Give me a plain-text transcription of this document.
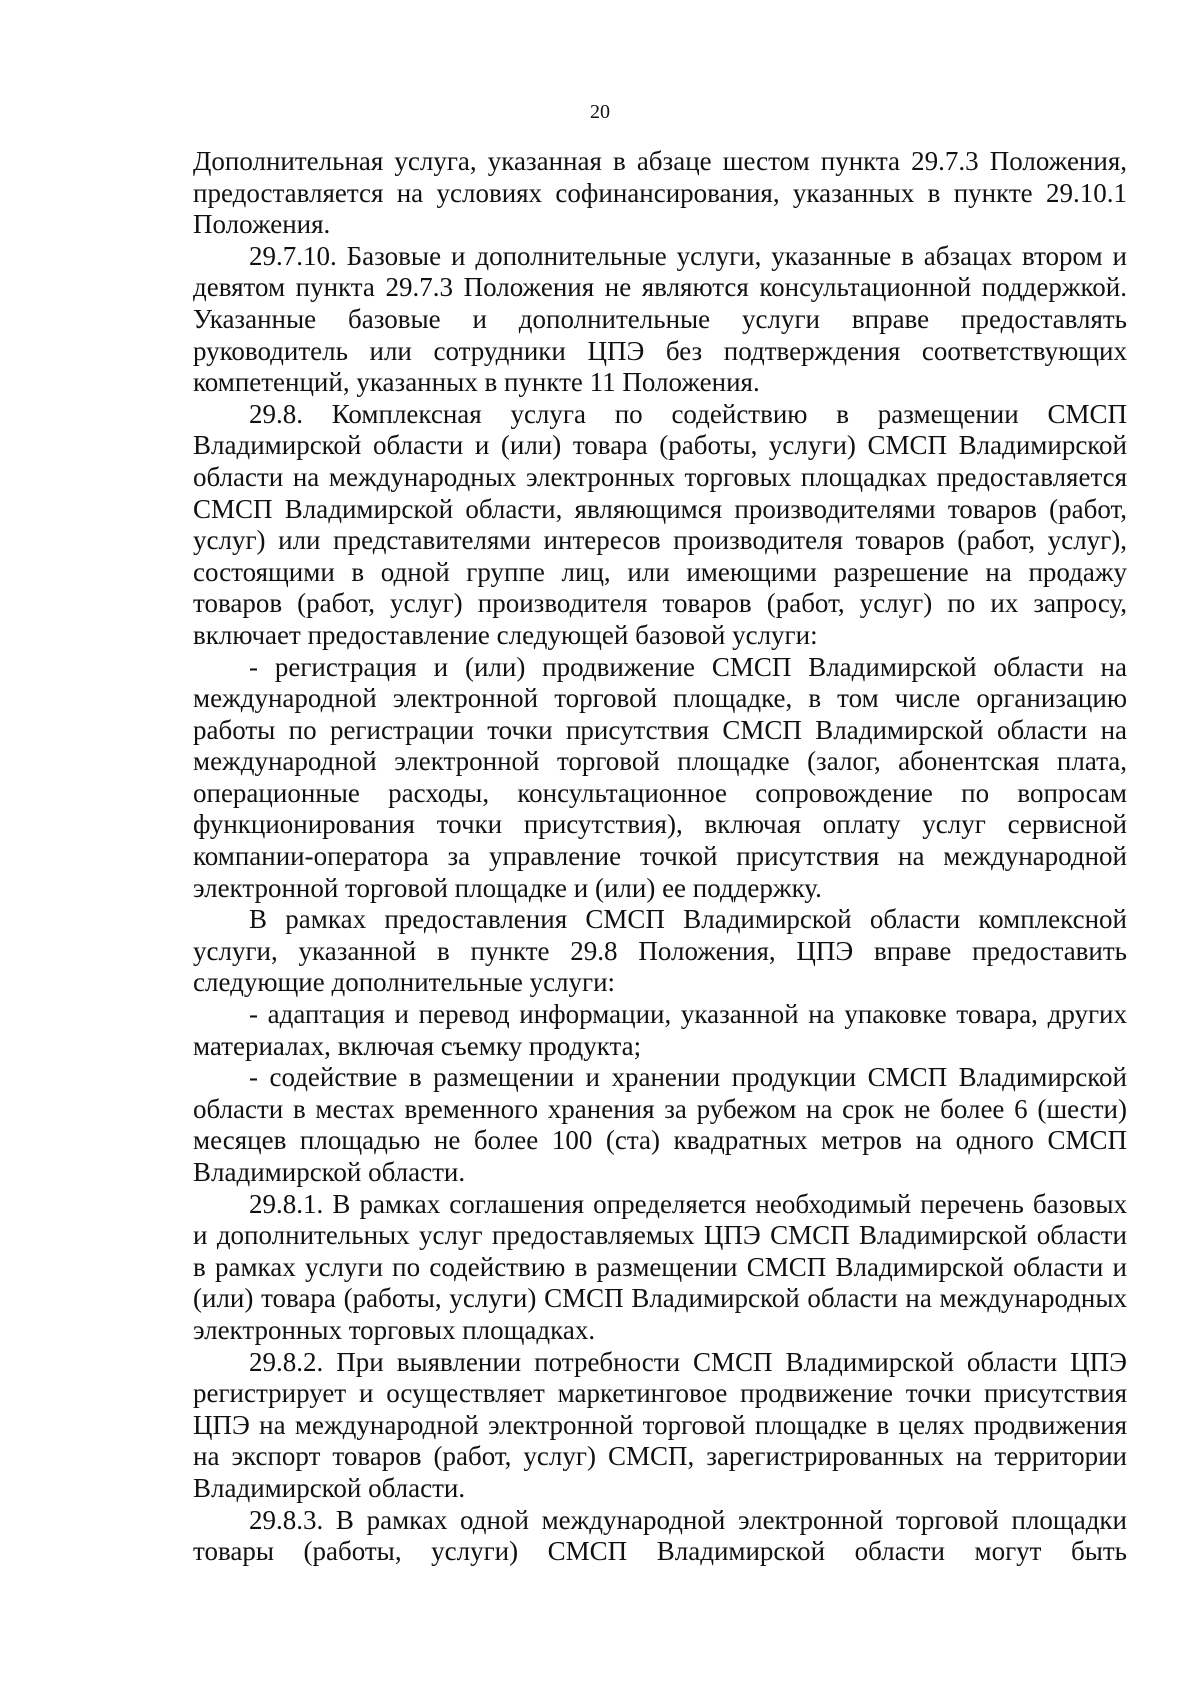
20

Дополнительная услуга, указанная в абзаце шестом пункта 29.7.3 Положения, предоставляется на условиях софинансирования, указанных в пункте 29.10.1 Положения.

29.7.10. Базовые и дополнительные услуги, указанные в абзацах втором и девятом пункта 29.7.3 Положения не являются консультационной поддержкой. Указанные базовые и дополнительные услуги вправе предоставлять руководитель или сотрудники ЦПЭ без подтверждения соответствующих компетенций, указанных в пункте 11 Положения.

29.8. Комплексная услуга по содействию в размещении СМСП Владимирской области и (или) товара (работы, услуги) СМСП Владимирской области на международных электронных торговых площадках предоставляется СМСП Владимирской области, являющимся производителями товаров (работ, услуг) или представителями интересов производителя товаров (работ, услуг), состоящими в одной группе лиц, или имеющими разрешение на продажу товаров (работ, услуг) производителя товаров (работ, услуг) по их запросу, включает предоставление следующей базовой услуги:

- регистрация и (или) продвижение СМСП Владимирской области на международной электронной торговой площадке, в том числе организацию работы по регистрации точки присутствия СМСП Владимирской области на международной электронной торговой площадке (залог, абонентская плата, операционные расходы, консультационное сопровождение по вопросам функционирования точки присутствия), включая оплату услуг сервисной компании-оператора за управление точкой присутствия на международной электронной торговой площадке и (или) ее поддержку.

В рамках предоставления СМСП Владимирской области комплексной услуги, указанной в пункте 29.8 Положения, ЦПЭ вправе предоставить следующие дополнительные услуги:

- адаптация и перевод информации, указанной на упаковке товара, других материалах, включая съемку продукта;

- содействие в размещении и хранении продукции СМСП Владимирской области в местах временного хранения за рубежом на срок не более 6 (шести) месяцев площадью не более 100 (ста) квадратных метров на одного СМСП Владимирской области.

29.8.1. В рамках соглашения определяется необходимый перечень базовых и дополнительных услуг предоставляемых ЦПЭ СМСП Владимирской области в рамках услуги по содействию в размещении СМСП Владимирской области и (или) товара (работы, услуги) СМСП Владимирской области на международных электронных торговых площадках.

29.8.2. При выявлении потребности СМСП Владимирской области ЦПЭ регистрирует и осуществляет маркетинговое продвижение точки присутствия ЦПЭ на международной электронной торговой площадке в целях продвижения на экспорт товаров (работ, услуг) СМСП, зарегистрированных на территории Владимирской области.

29.8.3. В рамках одной международной электронной торговой площадки товары (работы, услуги) СМСП Владимирской области могут быть
